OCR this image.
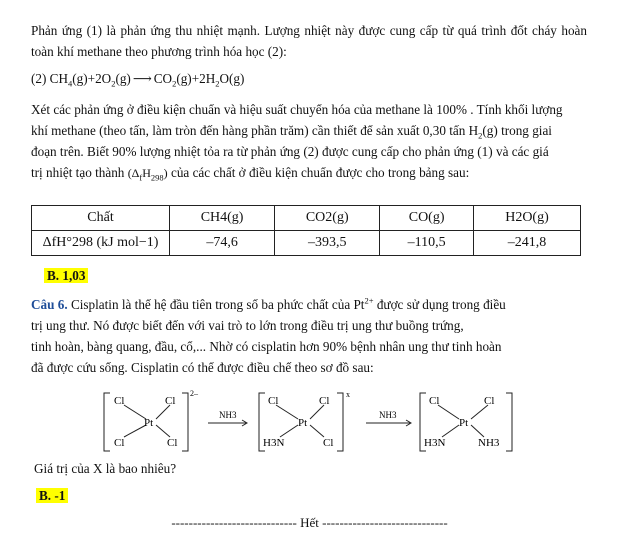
Phản ứng (1) là phản ứng thu nhiệt mạnh. Lượng nhiệt này được cung cấp từ quá trình đốt cháy hoàn toàn khí methane theo phương trình hóa học (2):
(2) $CH_4(g)+2O_2(g)$ ⟶ $CO_2(g)+2H_2O(g)$
Xét các phản ứng ở điều kiện chuẩn và hiệu suất chuyển hóa của methane là 100% . Tính khối lượng
khí methane (theo tấn, làm tròn đến hàng phần trăm) cần thiết để sản xuất 0,30 tấn $H_2(g)$ trong giai
đoạn trên. Biết 90% lượng nhiệt tỏa ra từ phản ứng (2) được cung cấp cho phản ứng (1) và các giá
trị nhiệt tạo thành $(\Delta_fH_{298})$ của các chất ở điều kiện chuẩn được cho trong bảng sau:
Chất	CH4(g)	CO2(g)	CO(g)	H2O(g)
ΔfH°298 (kJ mol−1)	–74,6	–393,5	–110,5	–241,8
B. 1,03
Câu 6. Cisplatin là thế hệ đầu tiên trong số ba phức chất của $Pt^{2+}$ được sử dụng trong điều
trị ung thư. Nó được biết đến với vai trò to lớn trong điều trị ung thư buồng trứng,
tinh hoàn, bàng quang, đầu, cổ,... Nhờ có cisplatin hơn 90% bệnh nhân ung thư tinh hoàn
đã được cứu sống. Cisplatin có thể được điều chế theo sơ đồ sau:
Cl	Cl
Pt
Cl	Cl
2–
NH3
Cl	Cl
Pt
H3N	Cl
x
NH3
Cl	Cl
Pt
H3N	NH3
Giá trị của X là bao nhiêu?
B. -1
----------------------------- Hết -----------------------------
